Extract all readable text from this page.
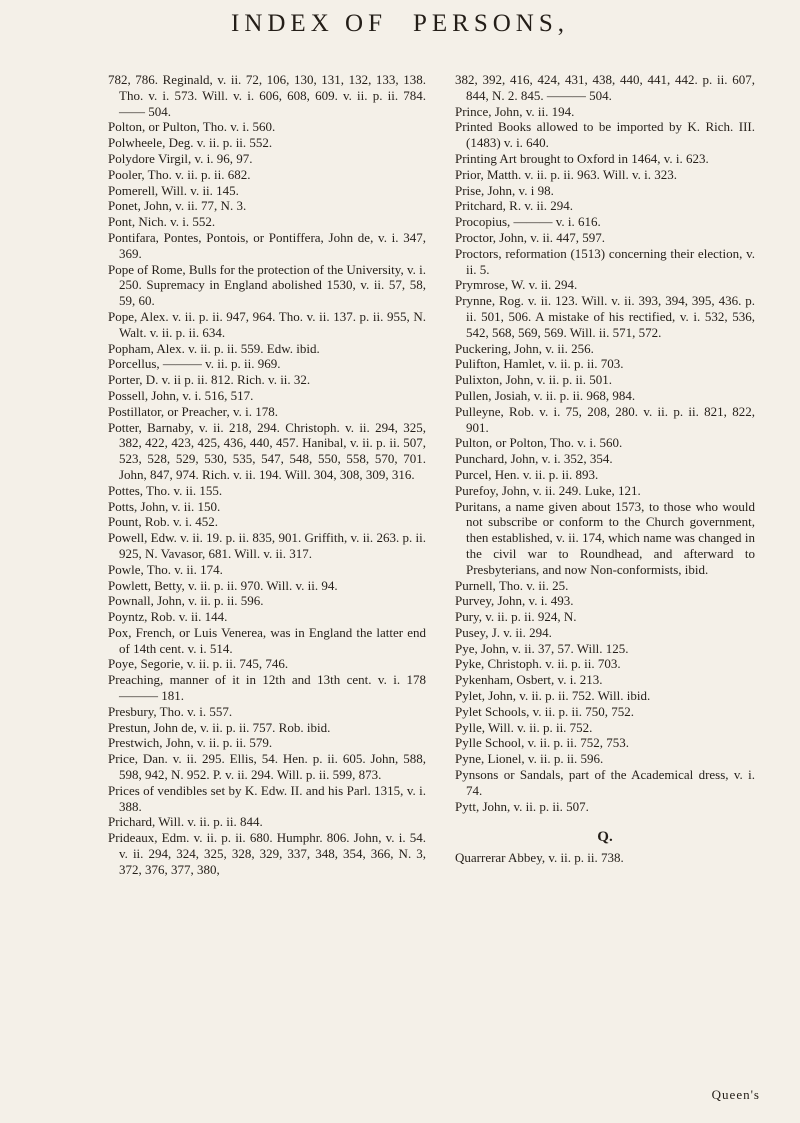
INDEX OF PERSONS,

782, 786. Reginald, v. ii. 72, 106, 130, 131, 132, 133, 138. Tho. v. i. 573. Will. v. i. 606, 608, 609. v. ii. p. ii. 784. —— 504.

Polton, or Pulton, Tho. v. i. 560.

Polwheele, Deg. v. ii. p. ii. 552.

Polydore Virgil, v. i. 96, 97.

Pooler, Tho. v. ii. p. ii. 682.

Pomerell, Will. v. ii. 145.

Ponet, John, v. ii. 77, N. 3.

Pont, Nich. v. i. 552.

Pontifara, Pontes, Pontois, or Pontiffera, John de, v. i. 347, 369.

Pope of Rome, Bulls for the protection of the University, v. i. 250. Supremacy in England abolished 1530, v. ii. 57, 58, 59, 60.

Pope, Alex. v. ii. p. ii. 947, 964. Tho. v. ii. 137. p. ii. 955, N. Walt. v. ii. p. ii. 634.

Popham, Alex. v. ii. p. ii. 559. Edw. ibid.

Porcellus, ——— v. ii. p. ii. 969.

Porter, D. v. ii p. ii. 812. Rich. v. ii. 32.

Possell, John, v. i. 516, 517.

Postillator, or Preacher, v. i. 178.

Potter, Barnaby, v. ii. 218, 294. Christoph. v. ii. 294, 325, 382, 422, 423, 425, 436, 440, 457. Hanibal, v. ii. p. ii. 507, 523, 528, 529, 530, 535, 547, 548, 550, 558, 570, 701. John, 847, 974. Rich. v. ii. 194. Will. 304, 308, 309, 316.

Pottes, Tho. v. ii. 155.

Potts, John, v. ii. 150.

Pount, Rob. v. i. 452.

Powell, Edw. v. ii. 19. p. ii. 835, 901. Griffith, v. ii. 263. p. ii. 925, N. Vavasor, 681. Will. v. ii. 317.

Powle, Tho. v. ii. 174.

Powlett, Betty, v. ii. p. ii. 970. Will. v. ii. 94.

Pownall, John, v. ii. p. ii. 596.

Poyntz, Rob. v. ii. 144.

Pox, French, or Luis Venerea, was in England the latter end of 14th cent. v. i. 514.

Poye, Segorie, v. ii. p. ii. 745, 746.

Preaching, manner of it in 12th and 13th cent. v. i. 178 ——— 181.

Presbury, Tho. v. i. 557.

Prestun, John de, v. ii. p. ii. 757. Rob. ibid.

Prestwich, John, v. ii. p. ii. 579.

Price, Dan. v. ii. 295. Ellis, 54. Hen. p. ii. 605. John, 588, 598, 942, N. 952. P. v. ii. 294. Will. p. ii. 599, 873.

Prices of vendibles set by K. Edw. II. and his Parl. 1315, v. i. 388.

Prichard, Will. v. ii. p. ii. 844.

Prideaux, Edm. v. ii. p. ii. 680. Humphr. 806. John, v. i. 54. v. ii. 294, 324, 325, 328, 329, 337, 348, 354, 366, N. 3, 372, 376, 377, 380,

382, 392, 416, 424, 431, 438, 440, 441, 442. p. ii. 607, 844, N. 2. 845. ——— 504.

Prince, John, v. ii. 194.

Printed Books allowed to be imported by K. Rich. III. (1483) v. i. 640.

Printing Art brought to Oxford in 1464, v. i. 623.

Prior, Matth. v. ii. p. ii. 963. Will. v. i. 323.

Prise, John, v. i 98.

Pritchard, R. v. ii. 294.

Procopius, ——— v. i. 616.

Proctor, John, v. ii. 447, 597.

Proctors, reformation (1513) concerning their election, v. ii. 5.

Prymrose, W. v. ii. 294.

Prynne, Rog. v. ii. 123. Will. v. ii. 393, 394, 395, 436. p. ii. 501, 506. A mistake of his rectified, v. i. 532, 536, 542, 568, 569, 569. Will. ii. 571, 572.

Puckering, John, v. ii. 256.

Pulifton, Hamlet, v. ii. p. ii. 703.

Pulixton, John, v. ii. p. ii. 501.

Pullen, Josiah, v. ii. p. ii. 968, 984.

Pulleyne, Rob. v. i. 75, 208, 280. v. ii. p. ii. 821, 822, 901.

Pulton, or Polton, Tho. v. i. 560.

Punchard, John, v. i. 352, 354.

Purcel, Hen. v. ii. p. ii. 893.

Purefoy, John, v. ii. 249. Luke, 121.

Puritans, a name given about 1573, to those who would not subscribe or conform to the Church government, then established, v. ii. 174, which name was changed in the civil war to Roundhead, and afterward to Presbyterians, and now Non-conformists, ibid.

Purnell, Tho. v. ii. 25.

Purvey, John, v. i. 493.

Pury, v. ii. p. ii. 924, N.

Pusey, J. v. ii. 294.

Pye, John, v. ii. 37, 57. Will. 125.

Pyke, Christoph. v. ii. p. ii. 703.

Pykenham, Osbert, v. i. 213.

Pylet, John, v. ii. p. ii. 752. Will. ibid.

Pylet Schools, v. ii. p. ii. 750, 752.

Pylle, Will. v. ii. p. ii. 752.

Pylle School, v. ii. p. ii. 752, 753.

Pyne, Lionel, v. ii. p. ii. 596.

Pynsons or Sandals, part of the Academical dress, v. i. 74.

Pytt, John, v. ii. p. ii. 507.

Q.

Quarrerar Abbey, v. ii. p. ii. 738.

Queen's
